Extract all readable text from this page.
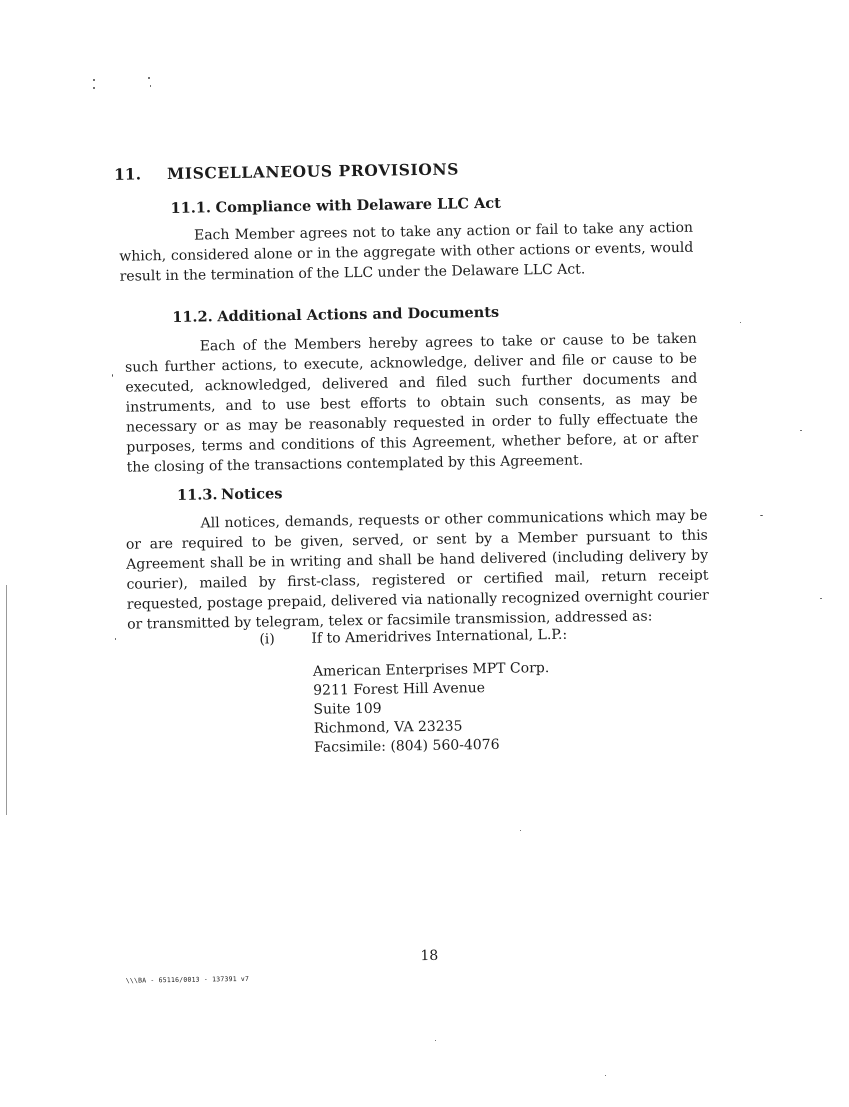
11. MISCELLANEOUS PROVISIONS
11.1. Compliance with Delaware LLC Act
Each Member agrees not to take any action or fail to take any action which, considered alone or in the aggregate with other actions or events, would result in the termination of the LLC under the Delaware LLC Act.
11.2. Additional Actions and Documents
Each of the Members hereby agrees to take or cause to be taken such further actions, to execute, acknowledge, deliver and file or cause to be executed, acknowledged, delivered and filed such further documents and instruments, and to use best efforts to obtain such consents, as may be necessary or as may be reasonably requested in order to fully effectuate the purposes, terms and conditions of this Agreement, whether before, at or after the closing of the transactions contemplated by this Agreement.
11.3. Notices
All notices, demands, requests or other communications which may be or are required to be given, served, or sent by a Member pursuant to this Agreement shall be in writing and shall be hand delivered (including delivery by courier), mailed by first-class, registered or certified mail, return receipt requested, postage prepaid, delivered via nationally recognized overnight courier or transmitted by telegram, telex or facsimile transmission, addressed as:
(i)	If to Ameridrives International, L.P.:
American Enterprises MPT Corp.
9211 Forest Hill Avenue
Suite 109
Richmond, VA 23235
Facsimile: (804) 560-4076
18
\\\BA - 65116/0013 - 137391 v7
